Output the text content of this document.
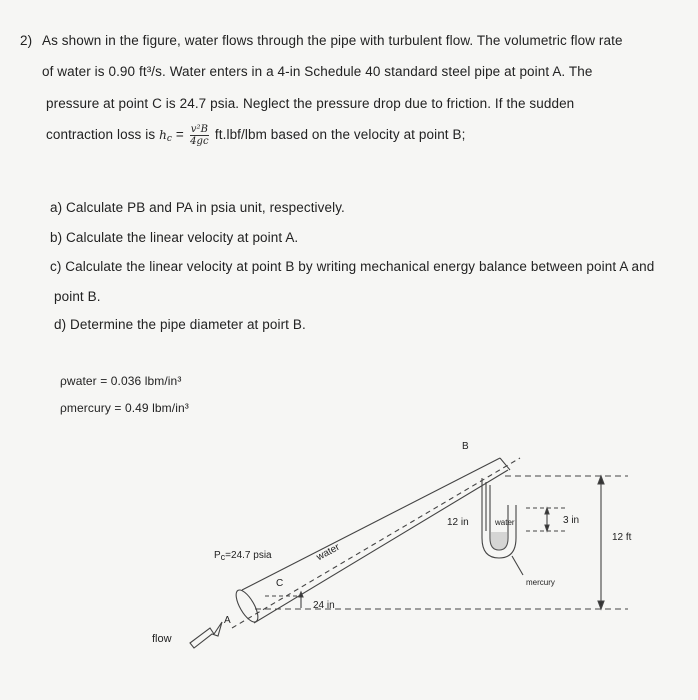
2) As shown in the figure, water flows through the pipe with turbulent flow. The volumetric flow rate
of water is 0.90 ft³/s. Water enters in a 4-in Schedule 40 standard steel pipe at point A. The
pressure at point C is 24.7 psia. Neglect the pressure drop due to friction. If the sudden
contraction loss is $h_c = \frac{\text{v²B}}{4gc} ft.lbf/lbm$ based on the velocity at point B;
a) Calculate PB and PA in psia unit, respectively.
b) Calculate the linear velocity at point A.
c) Calculate the linear velocity at point B by writing mechanical energy balance between point A and
point B.
d) Determine the pipe diameter at poirt B.
ρwater = 0.036 lbm/in³
ρmercury = 0.49 lbm/in³
B
12 in	water	3 in
12 ft
Pc=24.7 psia	water
mercury
C
24 in
A
flow
